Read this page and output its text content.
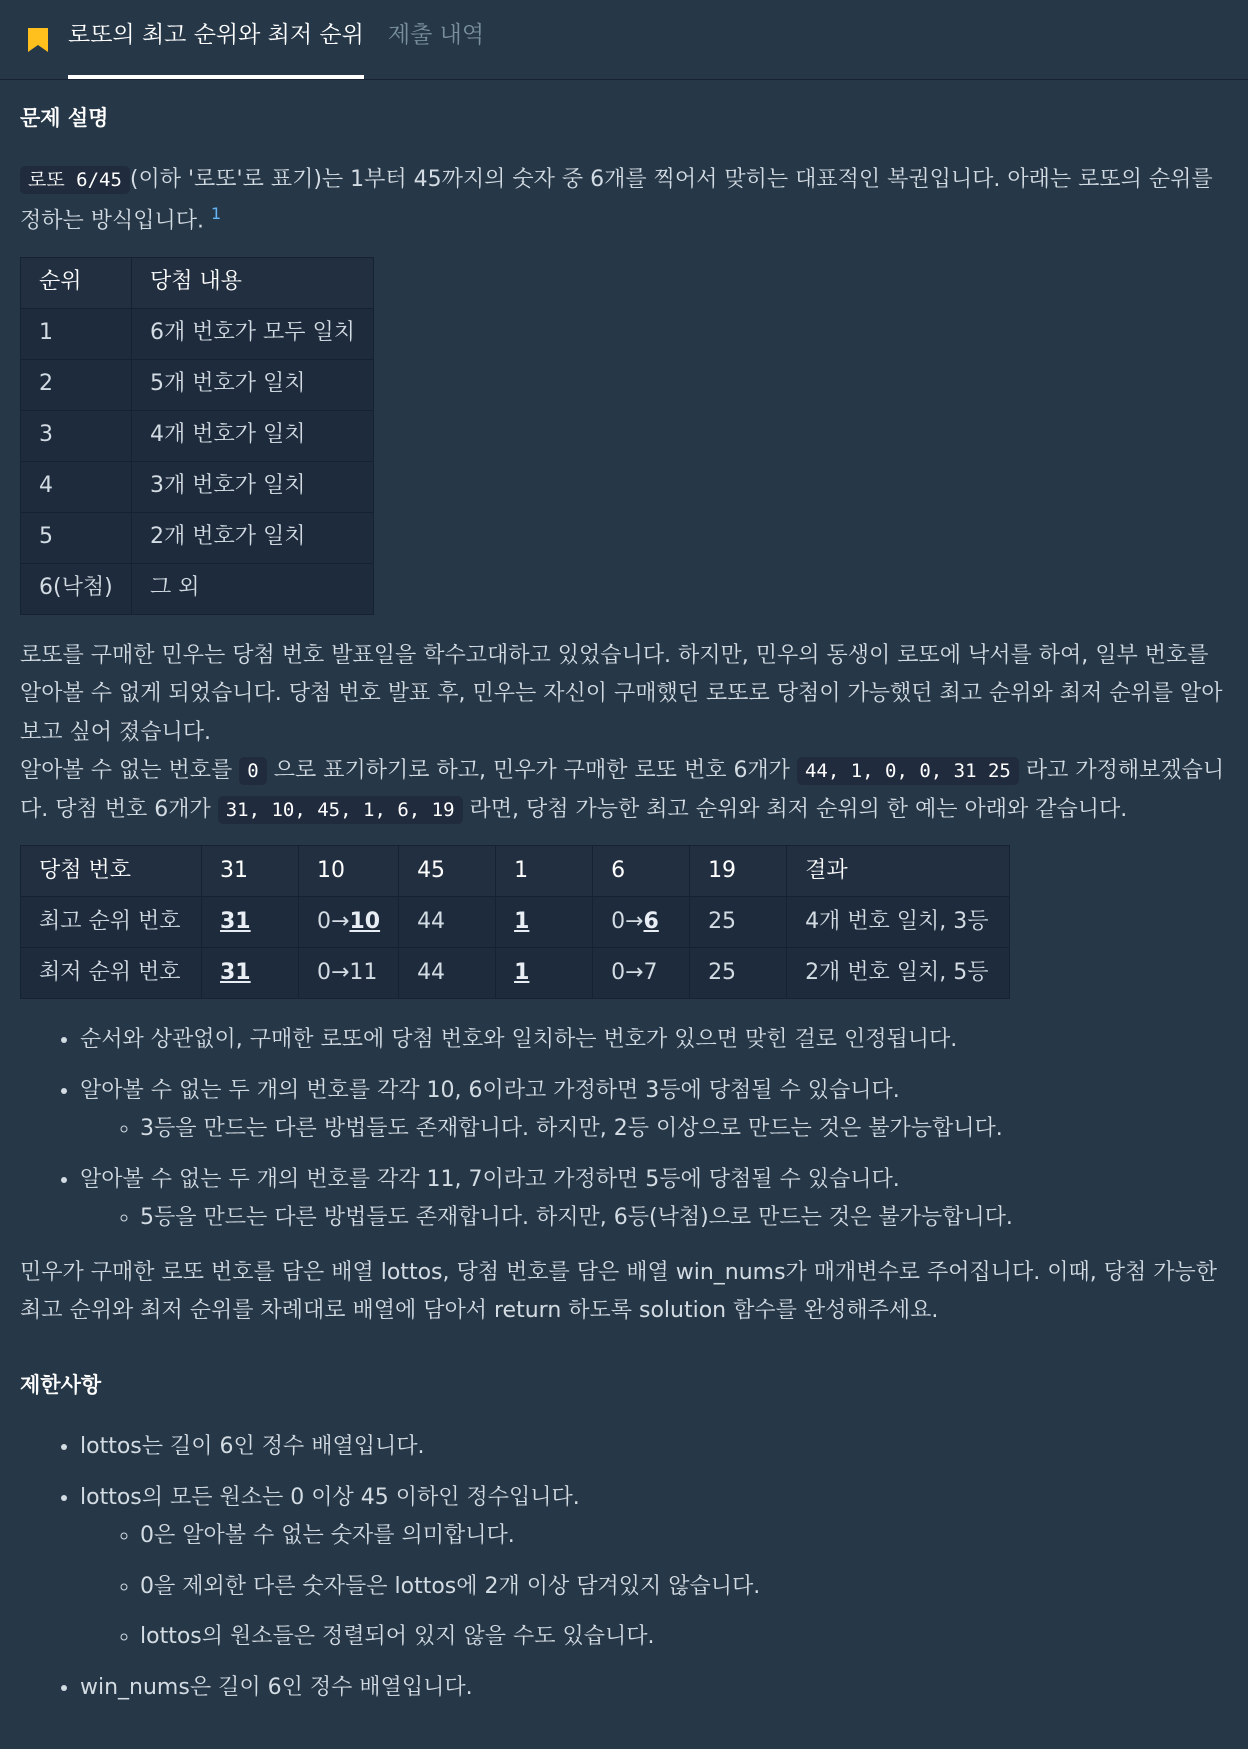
로또의 최고 순위와 최저 순위 제출 내역
문제 설명

로또 6/45 (이하 '로또'로 표기)는 1부터 45까지의 숫자 중 6개를 찍어서 맞히는 대표적인 복권입니다. 아래는 로또의 순위를 정하는 방식입니다. $^1$

순위	당첨 내용
1	6개 번호가 모두 일치
2	5개 번호가 일치
3	4개 번호가 일치
4	3개 번호가 일치
5	2개 번호가 일치
6(낙첨)	그 외

로또를 구매한 민우는 당첨 번호 발표일을 학수고대하고 있었습니다. 하지만, 민우의 동생이 로또에 낙서를 하여, 일부 번호를 알아볼 수 없게 되었습니다. 당첨 번호 발표 후, 민우는 자신이 구매했던 로또로 당첨이 가능했던 최고 순위와 최저 순위를 알아보고 싶어 졌습니다.

알아볼 수 없는 번호를 0 으로 표기하기로 하고, 민우가 구매한 로또 번호 6개가 44, 1, 0, 0, 31 25 라고 가정해보겠습니다. 당첨 번호 6개가 31, 10, 45, 1, 6, 19 라면, 당첨 가능한 최고 순위와 최저 순위의 한 예는 아래와 같습니다.

당첨 번호	31	10	45	1	6	19	결과
최고 순위 번호	31	0→10	44	1	0→6	25	4개 번호 일치, 3등
최저 순위 번호	31	0→11	44	1	0→7	25	2개 번호 일치, 5등
• 순서와 상관없이, 구매한 로또에 당첨 번호와 일치하는 번호가 있으면 맞힌 걸로 인정됩니다.
• 알아볼 수 없는 두 개의 번호를 각각 10, 6이라고 가정하면 3등에 당첨될 수 있습니다.
◦ 3등을 만드는 다른 방법들도 존재합니다. 하지만, 2등 이상으로 만드는 것은 불가능합니다.
• 알아볼 수 없는 두 개의 번호를 각각 11, 7이라고 가정하면 5등에 당첨될 수 있습니다.
◦ 5등을 만드는 다른 방법들도 존재합니다. 하지만, 6등(낙첨)으로 만드는 것은 불가능합니다.

민우가 구매한 로또 번호를 담은 배열 lottos, 당첨 번호를 담은 배열 win_nums가 매개변수로 주어집니다. 이때, 당첨 가능한 최고 순위와 최저 순위를 차례대로 배열에 담아서 return 하도록 solution 함수를 완성해주세요.

제한사항
• lottos는 길이 6인 정수 배열입니다.
• lottos의 모든 원소는 0 이상 45 이하인 정수입니다.
◦ 0은 알아볼 수 없는 숫자를 의미합니다.
◦ 0을 제외한 다른 숫자들은 lottos에 2개 이상 담겨있지 않습니다.
◦ lottos의 원소들은 정렬되어 있지 않을 수도 있습니다.
• win_nums은 길이 6인 정수 배열입니다.
